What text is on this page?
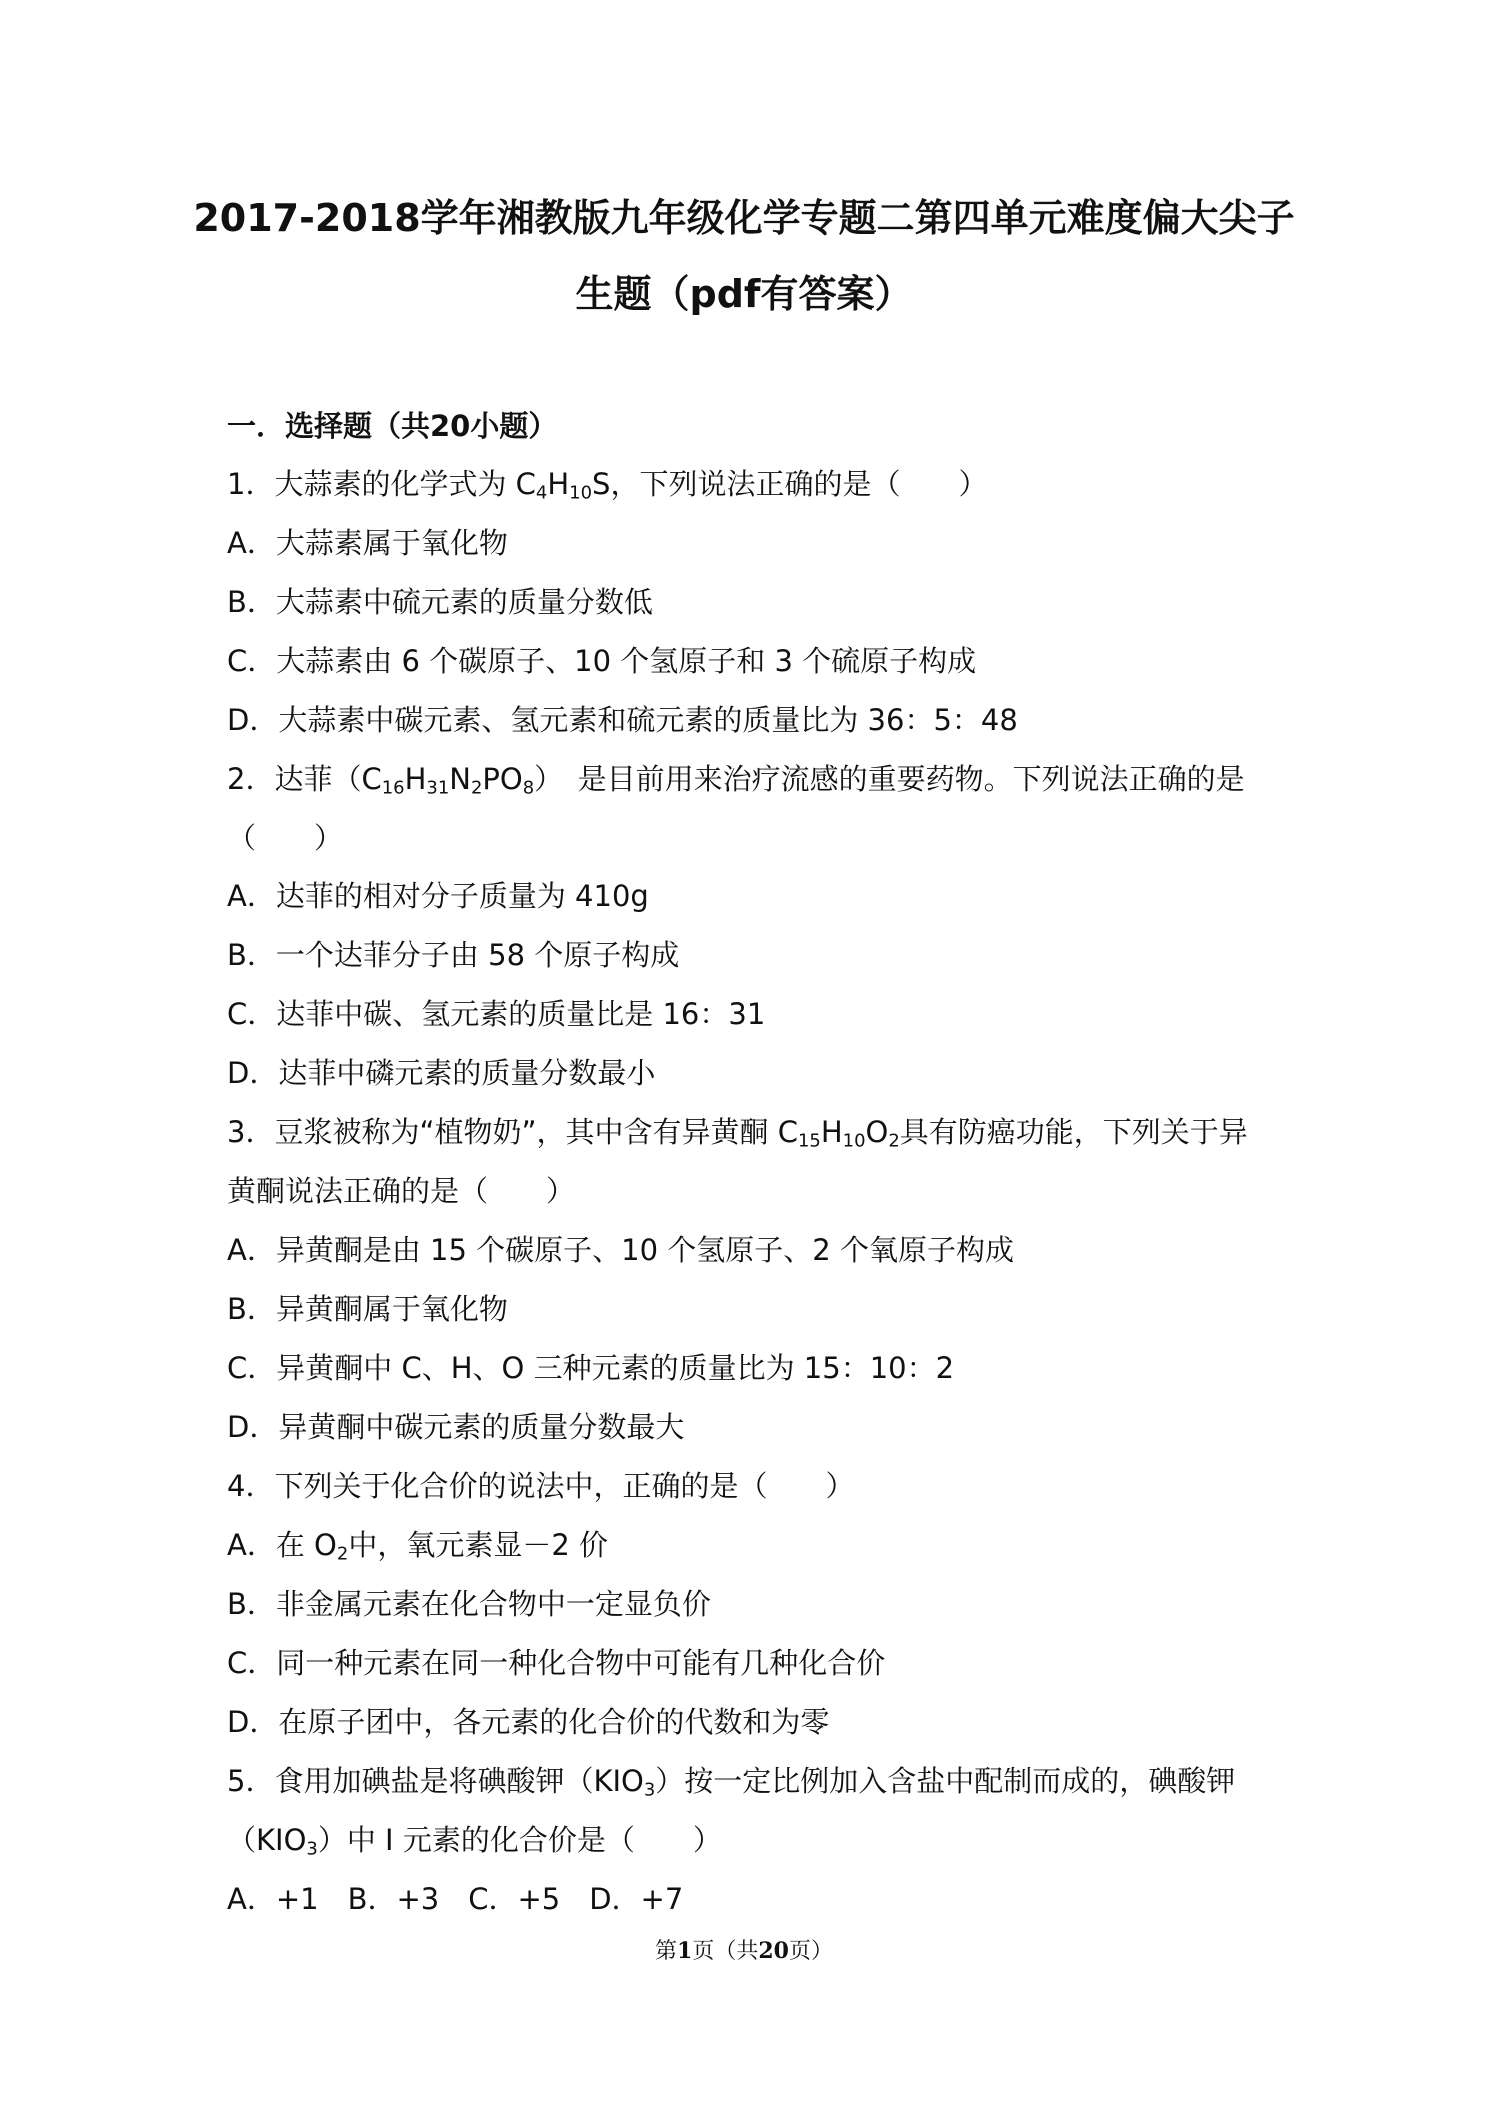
2017-2018学年湘教版九年级化学专题二第四单元难度偏大尖子
生题（pdf有答案）
一．选择题（共20小题）
1．大蒜素的化学式为 $C_4H_{10}S$，下列说法正确的是（　　）
A．大蒜素属于氧化物
B．大蒜素中硫元素的质量分数低
C．大蒜素由 6 个碳原子、10 个氢原子和 3 个硫原子构成
D．大蒜素中碳元素、氢元素和硫元素的质量比为 36：5：48
2．达菲$(C_{16}H_{31}N_2PO_8)$　是目前用来治疗流感的重要药物。下列说法正确的是
（　　）
A．达菲的相对分子质量为 410g
B．一个达菲分子由 58 个原子构成
C．达菲中碳、氢元素的质量比是 16：31
D．达菲中磷元素的质量分数最小
3．豆浆被称为“植物奶”，其中含有异黄酮 $C_{15}H_{10}O_2$具有防癌功能，下列关于异
黄酮说法正确的是（　　）
A．异黄酮是由 15 个碳原子、10 个氢原子、2 个氧原子构成
B．异黄酮属于氧化物
C．异黄酮中 C、H、O 三种元素的质量比为 15：10：2
D．异黄酮中碳元素的质量分数最大
4．下列关于化合价的说法中，正确的是（　　）
A．在 $O_2$中，氧元素显－2 价
B．非金属元素在化合物中一定显负价
C．同一种元素在同一种化合物中可能有几种化合价
D．在原子团中，各元素的化合价的代数和为零
5．食用加碘盐是将碘酸钾$(KIO_3)$按一定比例加入含盐中配制而成的，碘酸钾
$(KIO_3)$中 I 元素的化合价是（　　）
A．+1　B．+3　C．+5　D．+7
第1页（共20页）
